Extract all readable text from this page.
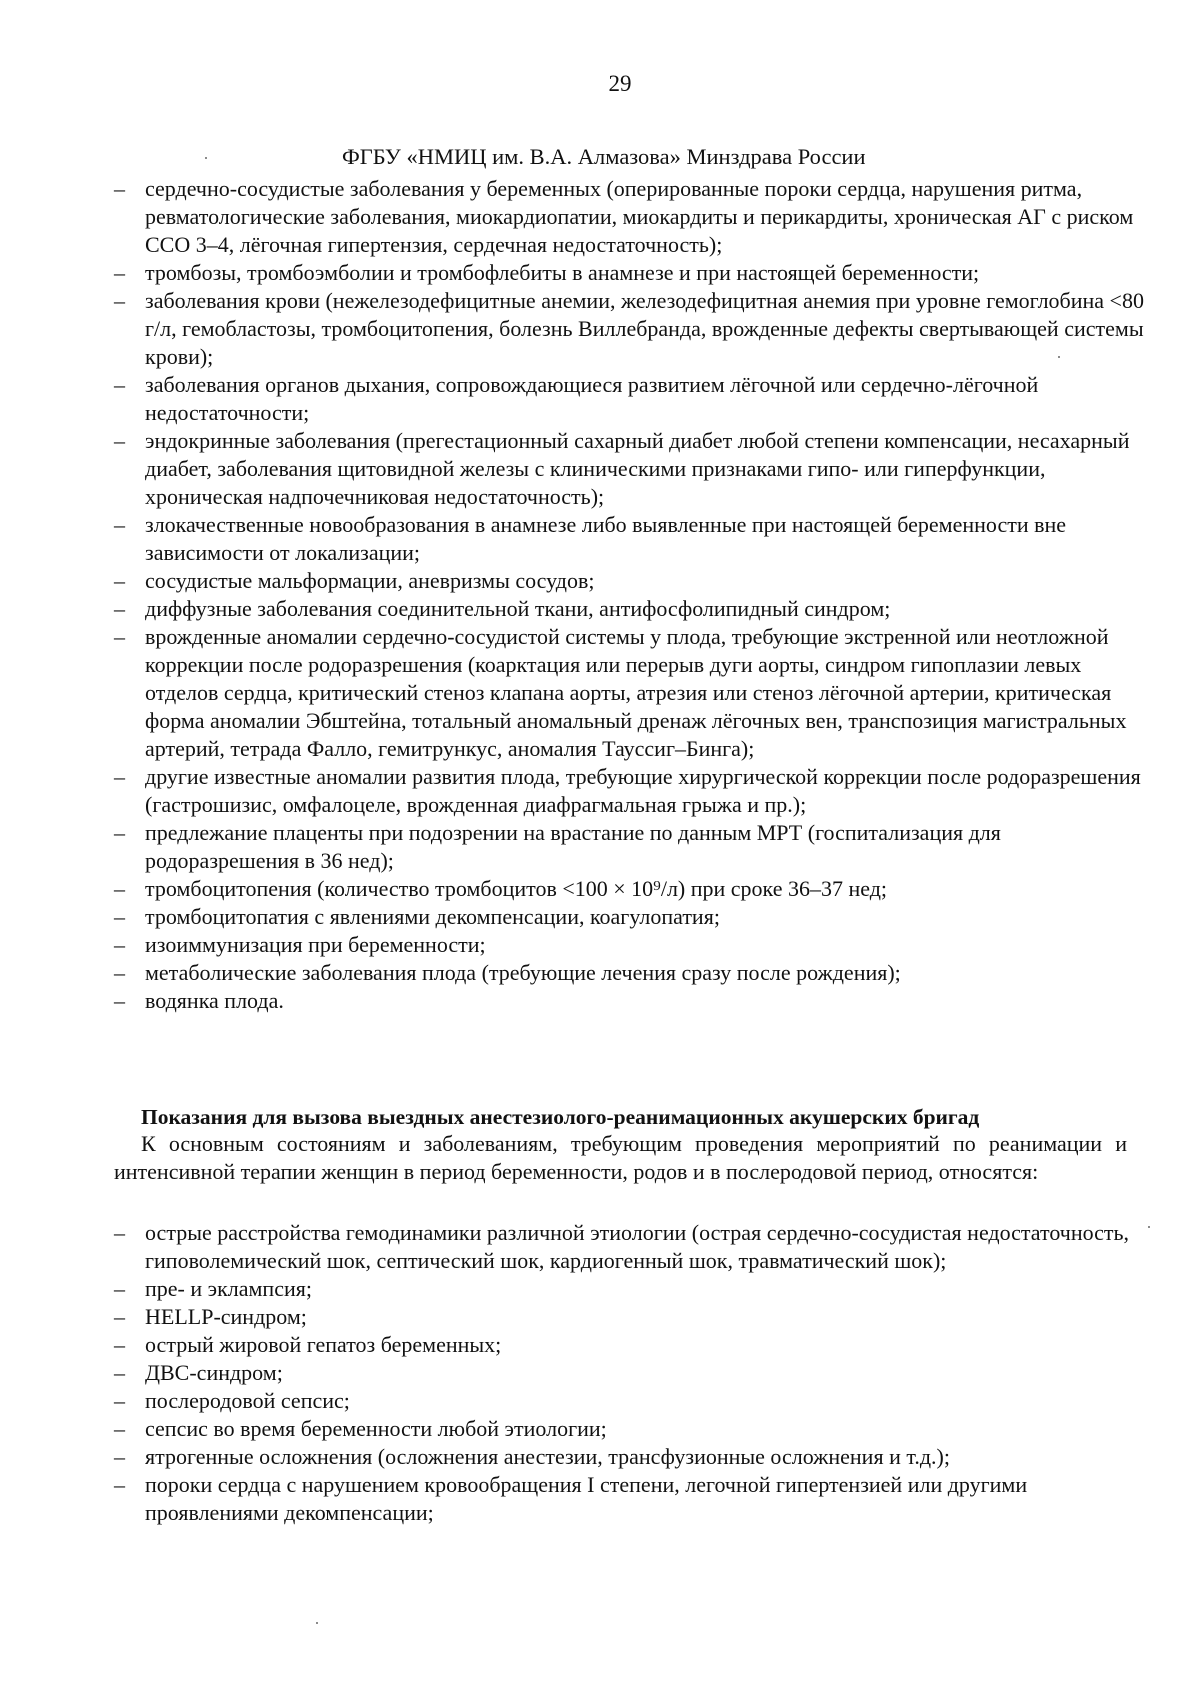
29
ФГБУ «НМИЦ им. В.А. Алмазова» Минздрава России
– сердечно-сосудистые заболевания у беременных (оперированные пороки сердца, нарушения ритма, ревматологические заболевания, миокардиопатии, миокардиты и перикардиты, хроническая АГ с риском ССО 3–4, лёгочная гипертензия, сердечная недостаточность);
– тромбозы, тромбоэмболии и тромбофлебиты в анамнезе и при настоящей беременности;
– заболевания крови (нежелезодефицитные анемии, железодефицитная анемия при уровне гемоглобина <80 г/л, гемобластозы, тромбоцитопения, болезнь Виллебранда, врожденные дефекты свертывающей системы крови);
– заболевания органов дыхания, сопровождающиеся развитием лёгочной или сердечно-лёгочной недостаточности;
– эндокринные заболевания (прегестационный сахарный диабет любой степени компенсации, несахарный диабет, заболевания щитовидной железы с клиническими признаками гипо- или гиперфункции, хроническая надпочечниковая недостаточность);
– злокачественные новообразования в анамнезе либо выявленные при настоящей беременности вне зависимости от локализации;
– сосудистые мальформации, аневризмы сосудов;
– диффузные заболевания соединительной ткани, антифосфолипидный синдром;
– врожденные аномалии сердечно-сосудистой системы у плода, требующие экстренной или неотложной коррекции после родоразрешения (коарктация или перерыв дуги аорты, синдром гипоплазии левых отделов сердца, критический стеноз клапана аорты, атрезия или стеноз лёгочной артерии, критическая форма аномалии Эбштейна, тотальный аномальный дренаж лёгочных вен, транспозиция магистральных артерий, тетрада Фалло, гемитрункус, аномалия Тауссиг–Бинга);
– другие известные аномалии развития плода, требующие хирургической коррекции после родоразрешения (гастрошизис, омфалоцеле, врожденная диафрагмальная грыжа и пр.);
– предлежание плаценты при подозрении на врастание по данным МРТ (госпитализация для родоразрешения в 36 нед);
– тромбоцитопения (количество тромбоцитов <100 × 10⁹/л) при сроке 36–37 нед;
– тромбоцитопатия с явлениями декомпенсации, коагулопатия;
– изоиммунизация при беременности;
– метаболические заболевания плода (требующие лечения сразу после рождения);
– водянка плода.
Показания для вызова выездных анестезиолого-реанимационных акушерских бригад
К основным состояниям и заболеваниям, требующим проведения мероприятий по реанимации и интенсивной терапии женщин в период беременности, родов и в послеродовой период, относятся:
– острые расстройства гемодинамики различной этиологии (острая сердечно-сосудистая недостаточность, гиповолемический шок, септический шок, кардиогенный шок, травматический шок);
– пре- и эклампсия;
– HELLP-синдром;
– острый жировой гепатоз беременных;
– ДВС-синдром;
– послеродовой сепсис;
– сепсис во время беременности любой этиологии;
– ятрогенные осложнения (осложнения анестезии, трансфузионные осложнения и т.д.);
– пороки сердца с нарушением кровообращения I степени, легочной гипертензией или другими проявлениями декомпенсации;
